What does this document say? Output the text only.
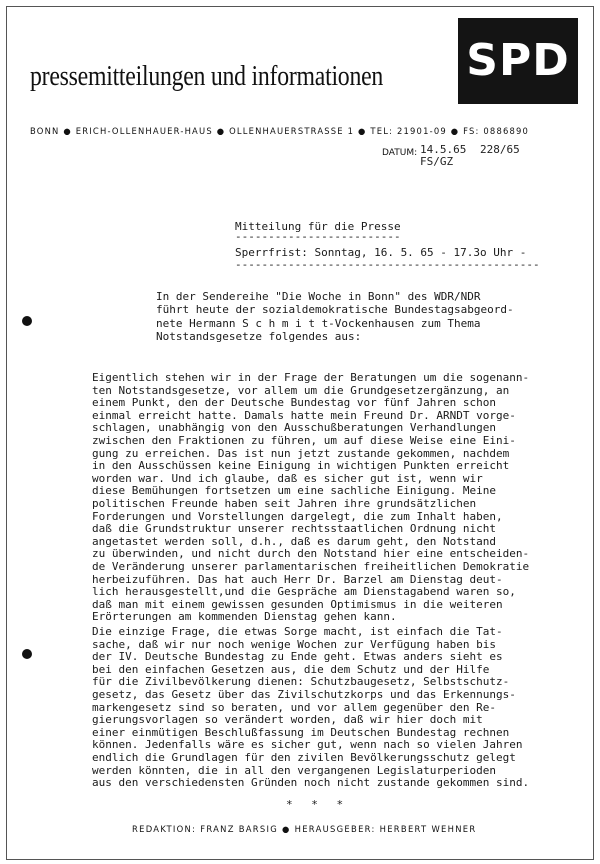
pressemitteilungen und informationen SPD
BONN ● ERICH-OLLENHAUER-HAUS ● OLLENHAUERSTRASSE 1 ● TEL: 21901-09 ● FS: 0886890
DATUM: 14.5.65 228/65
FS/GZ
Mitteilung für die Presse
-------------------------
Sperrfrist: Sonntag, 16. 5. 65 - 17.3o Uhr -
----------------------------------------------
In der Sendereihe "Die Woche in Bonn" des WDR/NDR
führt heute der sozialdemokratische Bundestagsabgeord-
nete Hermann S c h m i t t-Vockenhausen zum Thema
Notstandsgesetze folgendes aus:
Eigentlich stehen wir in der Frage der Beratungen um die sogenann-
ten Notstandsgesetze, vor allem um die Grundgesetzergänzung, an
einem Punkt, den der Deutsche Bundestag vor fünf Jahren schon
einmal erreicht hatte. Damals hatte mein Freund Dr. ARNDT vorge-
schlagen, unabhängig von den Ausschußberatungen Verhandlungen
zwischen den Fraktionen zu führen, um auf diese Weise eine Eini-
gung zu erreichen. Das ist nun jetzt zustande gekommen, nachdem
in den Ausschüssen keine Einigung in wichtigen Punkten erreicht
worden war. Und ich glaube, daß es sicher gut ist, wenn wir
diese Bemühungen fortsetzen um eine sachliche Einigung. Meine
politischen Freunde haben seit Jahren ihre grundsätzlichen
Forderungen und Vorstellungen dargelegt, die zum Inhalt haben,
daß die Grundstruktur unserer rechtsstaatlichen Ordnung nicht
angetastet werden soll, d.h., daß es darum geht, den Notstand
zu überwinden, und nicht durch den Notstand hier eine entscheiden-
de Veränderung unserer parlamentarischen freiheitlichen Demokratie
herbeizuführen. Das hat auch Herr Dr. Barzel am Dienstag deut-
lich herausgestellt,und die Gespräche am Dienstagabend waren so,
daß man mit einem gewissen gesunden Optimismus in die weiteren
Erörterungen am kommenden Dienstag gehen kann.
Die einzige Frage, die etwas Sorge macht, ist einfach die Tat-
sache, daß wir nur noch wenige Wochen zur Verfügung haben bis
der IV. Deutsche Bundestag zu Ende geht. Etwas anders sieht es
bei den einfachen Gesetzen aus, die dem Schutz und der Hilfe
für die Zivilbevölkerung dienen: Schutzbaugesetz, Selbstschutz-
gesetz, das Gesetz über das Zivilschutzkorps und das Erkennungs-
markengesetz sind so beraten, und vor allem gegenüber den Re-
gierungsvorlagen so verändert worden, daß wir hier doch mit
einer einmütigen Beschlußfassung im Deutschen Bundestag rechnen
können. Jedenfalls wäre es sicher gut, wenn nach so vielen Jahren
endlich die Grundlagen für den zivilen Bevölkerungsschutz gelegt
werden könnten, die in all den vergangenen Legislaturperioden
aus den verschiedensten Gründen noch nicht zustande gekommen sind.
* * *
REDAKTION: FRANZ BARSIG ● HERAUSGEBER: HERBERT WEHNER
